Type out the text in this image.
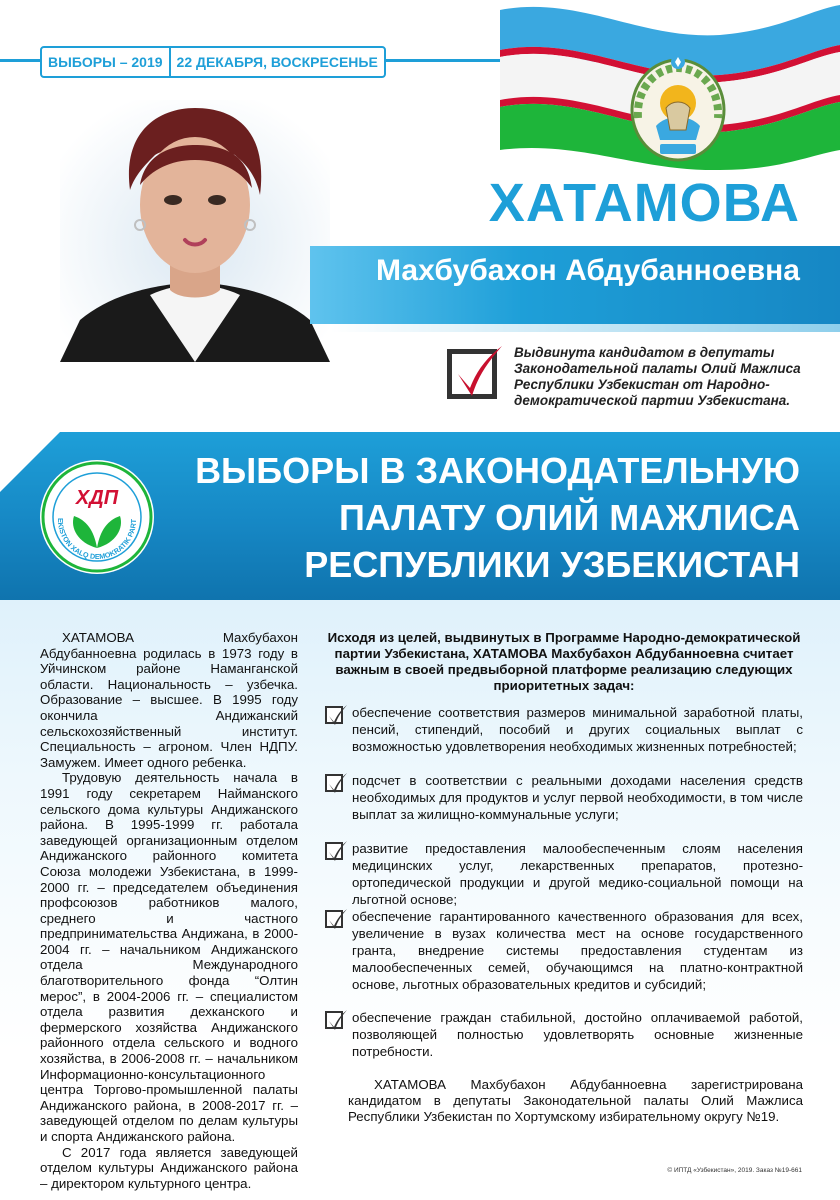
ВЫБОРЫ – 2019	22 ДЕКАБРЯ, ВОСКРЕСЕНЬЕ
ХАТАМОВА
Махбубахон Абдубанноевна
Выдвинута кандидатом в депутаты Законодательной палаты Олий Мажлиса Республики Узбекистан от Народно-демократической партии Узбекистана.
ВЫБОРЫ В ЗАКОНОДАТЕЛЬНУЮ
ПАЛАТУ ОЛИЙ МАЖЛИСА
РЕСПУБЛИКИ УЗБЕКИСТАН
ХДП
EKISTON XALQ DEMOKRATIK PART

ХАТАМОВА Махбубахон Абдубанноевна родилась в 1973 году в Уйчинском районе Наманганской области. Национальность – узбечка. Образование – высшее. В 1995 году окончила Андижанский сельскохозяйственный институт. Специальность – агроном. Член НДПУ. Замужем. Имеет одного ребенка.

Трудовую деятельность начала в 1991 году секретарем Найманского сельского дома культуры Андижанского района. В 1995-1999 гг. работала заведующей организационным отделом Андижанского районного комитета Союза молодежи Узбекистана, в 1999-2000 гг. – председателем объединения профсоюзов работников малого, среднего и частного предпринимательства Андижана, в 2000-2004 гг. – начальником Андижанского отдела Международного благотворительного фонда “Олтин мерос”, в 2004-2006 гг. – специалистом отдела развития дехканского и фермерского хозяйства Андижанского районного отдела сельского и водного хозяйства, в 2006-2008 гг. – начальником Информационно-консультационного центра Торгово-промышленной палаты Андижанского района, в 2008-2017 гг. – заведующей отделом по делам культуры и спорта Андижанского района.

С 2017 года является заведующей отделом культуры Андижанского района – директором культурного центра.

Исходя из целей, выдвинутых в Программе Народно-демократической партии Узбекистана, ХАТАМОВА Махбубахон Абдубанноевна считает важным в своей предвыборной платформе реализацию следующих приоритетных задач:
обеспечение соответствия размеров минимальной заработной платы, пенсий, стипендий, пособий и других социальных выплат с возможностью удовлетворения необходимых жизненных потребностей;
подсчет в соответствии с реальными доходами населения средств необходимых для продуктов и услуг первой необходимости, в том числе выплат за жилищно-коммунальные услуги;
развитие предоставления малообеспеченным слоям населения медицинских услуг, лекарственных препаратов, протезно-ортопедической продукции и другой медико-социальной помощи на льготной основе;
обеспечение гарантированного качественного образования для всех, увеличение в вузах количества мест на основе государственного гранта, внедрение системы предоставления студентам из малообеспеченных семей, обучающимся на платно-контрактной основе, льготных образовательных кредитов и субсидий;
обеспечение граждан стабильной, достойно оплачиваемой работой, позволяющей полностью удовлетворять основные жизненные потребности.
ХАТАМОВА Махбубахон Абдубанноевна зарегистрирована кандидатом в депутаты Законодательной палаты Олий Мажлиса Республики Узбекистан по Хортумскому избирательному округу №19.
© ИПТД «Узбекистан», 2019. Заказ №19-661
